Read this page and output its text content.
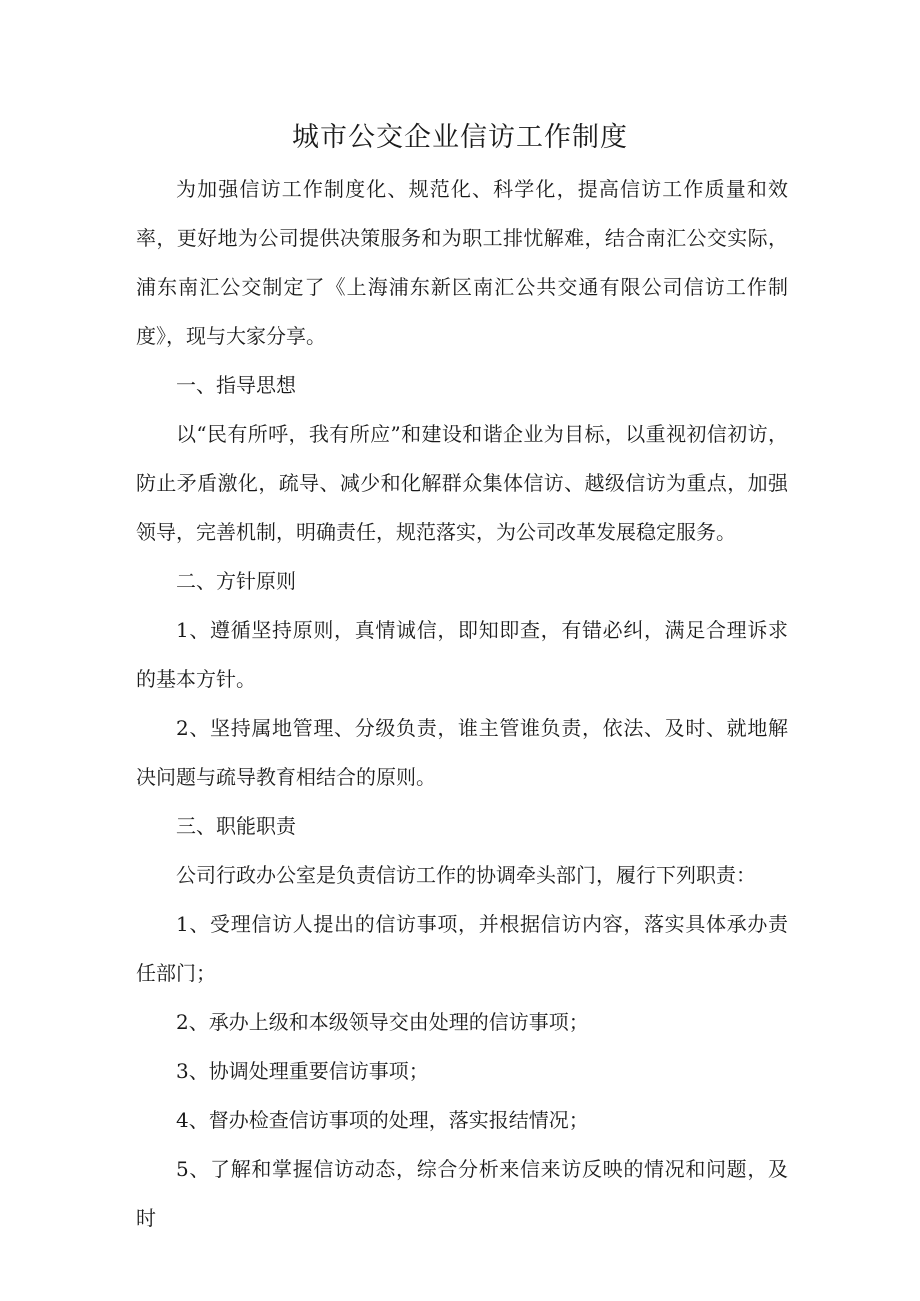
城市公交企业信访工作制度

为加强信访工作制度化、规范化、科学化，提高信访工作质量和效率，更好地为公司提供决策服务和为职工排忧解难，结合南汇公交实际，浦东南汇公交制定了《上海浦东新区南汇公共交通有限公司信访工作制度》，现与大家分享。

一、指导思想

以“民有所呼，我有所应”和建设和谐企业为目标，以重视初信初访，防止矛盾激化，疏导、减少和化解群众集体信访、越级信访为重点，加强领导，完善机制，明确责任，规范落实，为公司改革发展稳定服务。

二、方针原则

1、遵循坚持原则，真情诚信，即知即查，有错必纠，满足合理诉求的基本方针。

2、坚持属地管理、分级负责，谁主管谁负责，依法、及时、就地解决问题与疏导教育相结合的原则。

三、职能职责

公司行政办公室是负责信访工作的协调牵头部门，履行下列职责：

1、受理信访人提出的信访事项，并根据信访内容，落实具体承办责任部门；

2、承办上级和本级领导交由处理的信访事项；

3、协调处理重要信访事项；

4、督办检查信访事项的处理，落实报结情况；

5、了解和掌握信访动态，综合分析来信来访反映的情况和问题，及时
